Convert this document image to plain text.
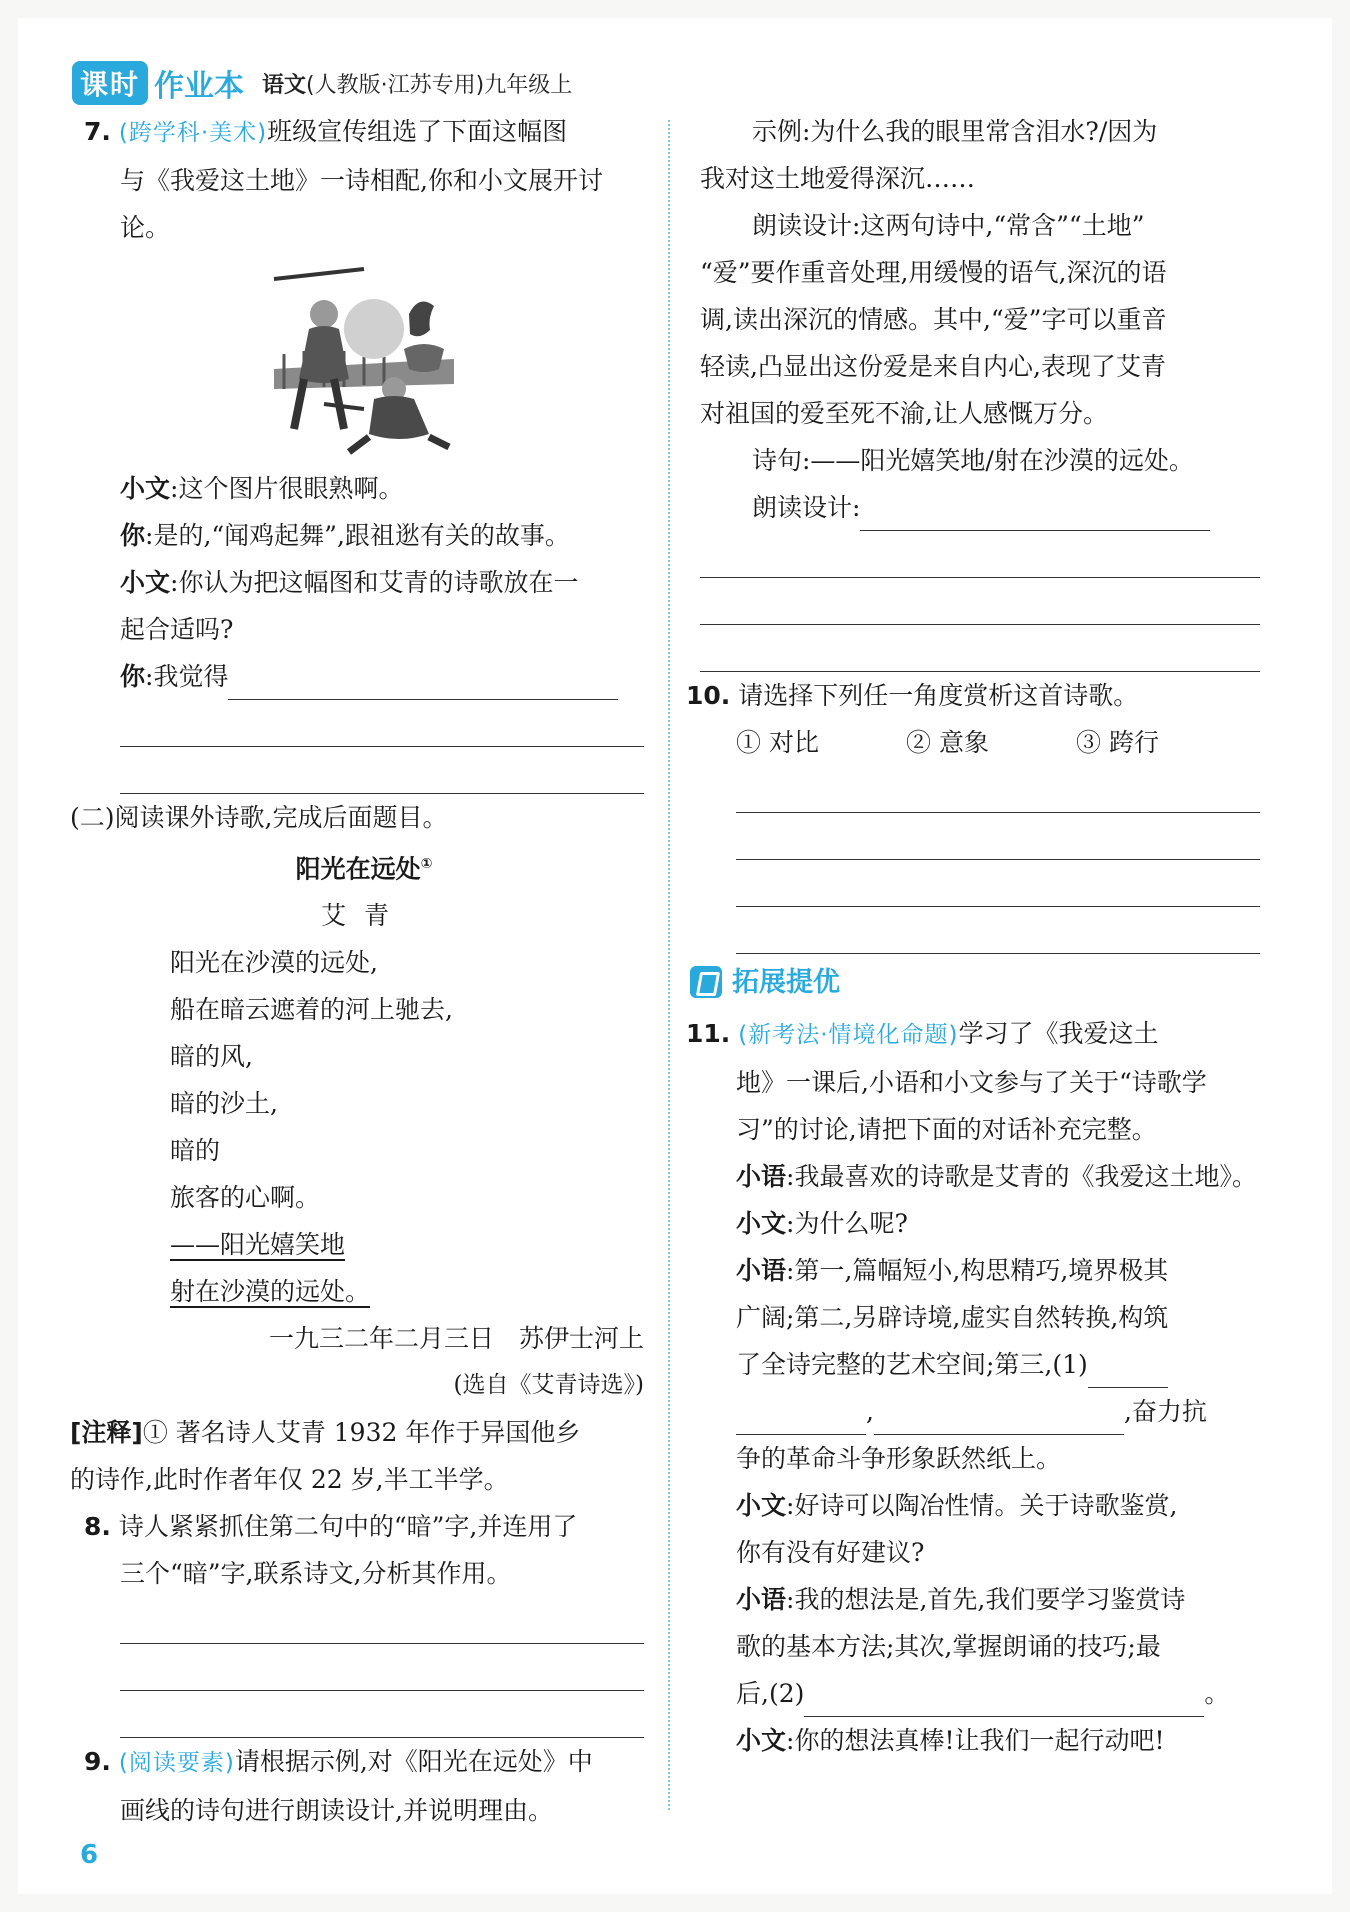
课时 作业本 语文(人教版·江苏专用)九年级上

7. (跨学科·美术)班级宣传组选了下面这幅图

与《我爱这土地》一诗相配,你和小文展开讨论。

小文:这个图片很眼熟啊。

你:是的,“闻鸡起舞”,跟祖逖有关的故事。

小文:你认为把这幅图和艾青的诗歌放在一

起合适吗?

你:我觉得

(二)阅读课外诗歌,完成后面题目。

阳光在远处①

艾青

阳光在沙漠的远处,

船在暗云遮着的河上驰去,

暗的风,

暗的沙土,

暗的

旅客的心啊。

——阳光嬉笑地

射在沙漠的远处。

一九三二年二月三日　苏伊士河上

(选自《艾青诗选》)

[注释]① 著名诗人艾青 1932 年作于异国他乡

的诗作,此时作者年仅 22 岁,半工半学。

8. 诗人紧紧抓住第二句中的“暗”字,并连用了

三个“暗”字,联系诗文,分析其作用。

9. (阅读要素)请根据示例,对《阳光在远处》中

画线的诗句进行朗读设计,并说明理由。

示例:为什么我的眼里常含泪水?/因为

我对这土地爱得深沉……

朗读设计:这两句诗中,“常含”“土地”

“爱”要作重音处理,用缓慢的语气,深沉的语

调,读出深沉的情感。其中,“爱”字可以重音

轻读,凸显出这份爱是来自内心,表现了艾青

对祖国的爱至死不渝,让人感慨万分。

诗句:——阳光嬉笑地/射在沙漠的远处。

朗读设计:

10. 请选择下列任一角度赏析这首诗歌。

① 对比	② 意象	③ 跨行

拓展提优

11. (新考法·情境化命题)学习了《我爱这土

地》一课后,小语和小文参与了关于“诗歌学

习”的讨论,请把下面的对话补充完整。

小语:我最喜欢的诗歌是艾青的《我爱这土地》。

小文:为什么呢?

小语:第一,篇幅短小,构思精巧,境界极其

广阔;第二,另辟诗境,虚实自然转换,构筑

了全诗完整的艺术空间;第三,(1)

,	,奋力抗

争的革命斗争形象跃然纸上。

小文:好诗可以陶冶性情。关于诗歌鉴赏,

你有没有好建议?

小语:我的想法是,首先,我们要学习鉴赏诗

歌的基本方法;其次,掌握朗诵的技巧;最

后,(2)	。

小文:你的想法真棒!让我们一起行动吧!

6
